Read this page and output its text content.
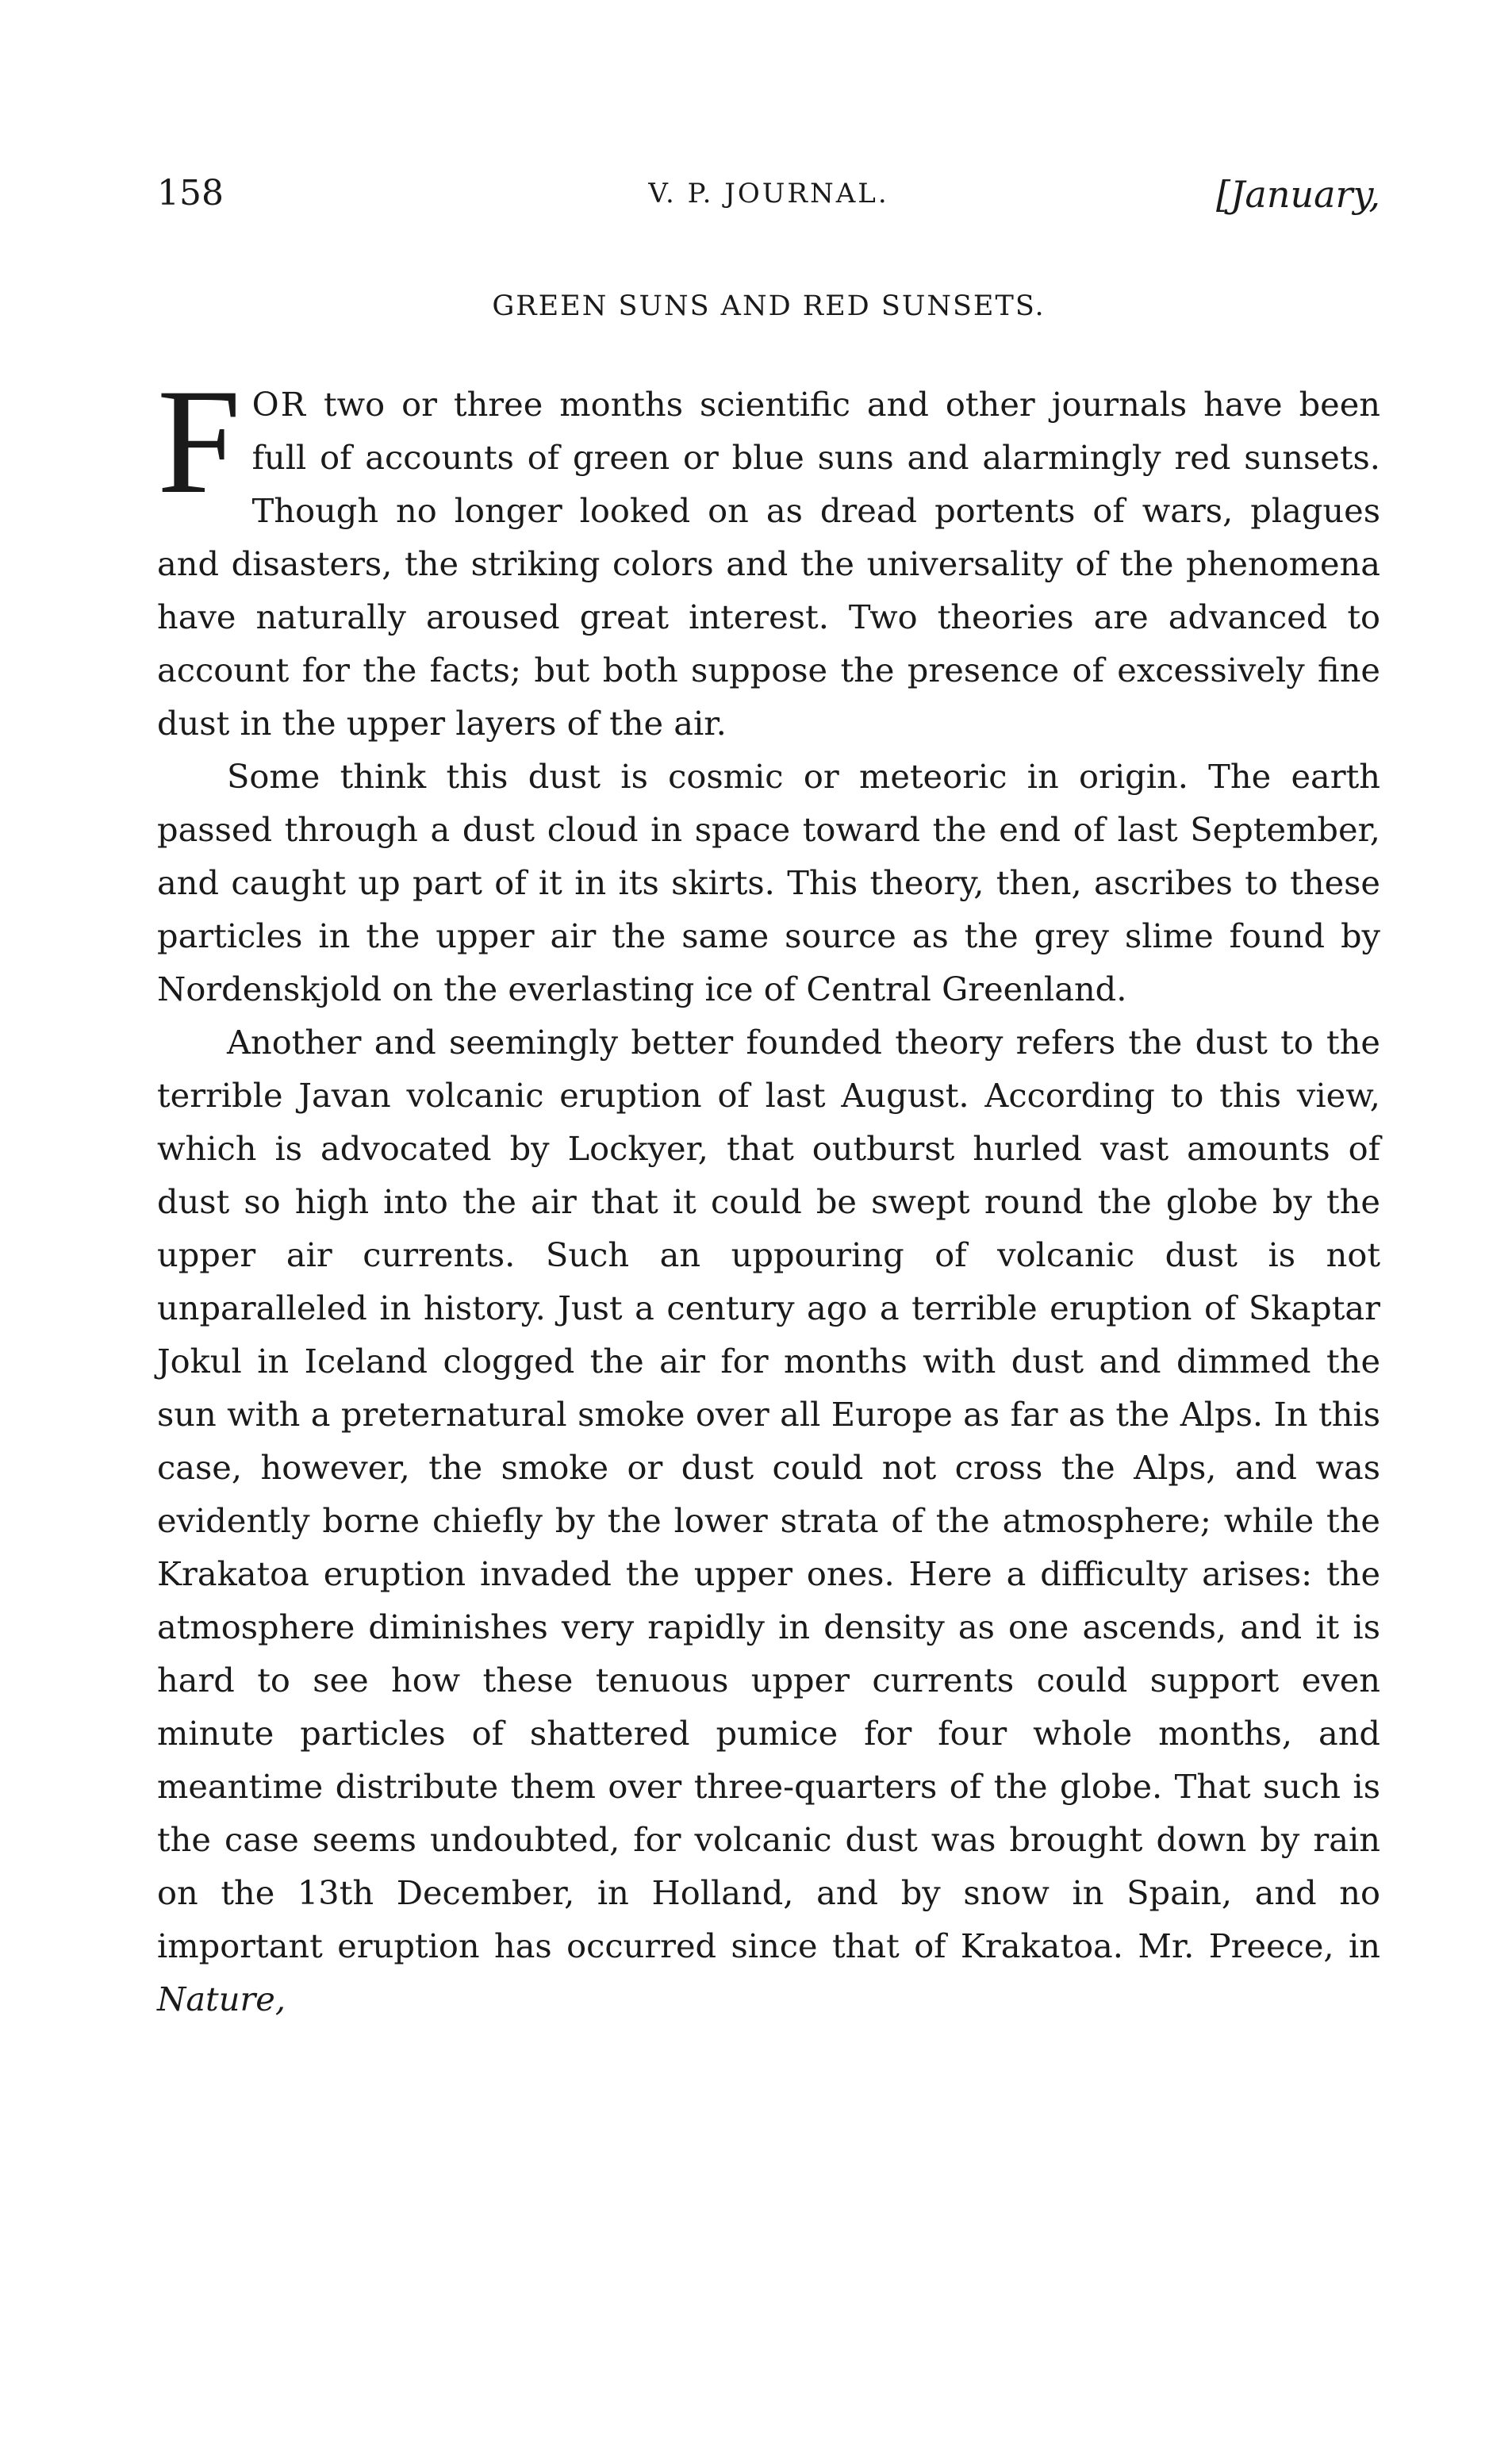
158	V. P. JOURNAL.	[January,
GREEN SUNS AND RED SUNSETS.

FOR two or three months scientific and other journals have been full of accounts of green or blue suns and alarmingly red sunsets. Though no longer looked on as dread portents of wars, plagues and disasters, the striking colors and the universality of the phenomena have naturally aroused great interest. Two theories are advanced to account for the facts; but both suppose the presence of excessively fine dust in the upper layers of the air.

Some think this dust is cosmic or meteoric in origin. The earth passed through a dust cloud in space toward the end of last September, and caught up part of it in its skirts. This theory, then, ascribes to these particles in the upper air the same source as the grey slime found by Nordenskjold on the everlasting ice of Central Greenland.

Another and seemingly better founded theory refers the dust to the terrible Javan volcanic eruption of last August. According to this view, which is advocated by Lockyer, that outburst hurled vast amounts of dust so high into the air that it could be swept round the globe by the upper air currents. Such an uppouring of volcanic dust is not unparalleled in history. Just a century ago a terrible eruption of Skaptar Jokul in Iceland clogged the air for months with dust and dimmed the sun with a preternatural smoke over all Europe as far as the Alps. In this case, however, the smoke or dust could not cross the Alps, and was evidently borne chiefly by the lower strata of the atmosphere; while the Krakatoa eruption invaded the upper ones. Here a difficulty arises: the atmosphere diminishes very rapidly in density as one ascends, and it is hard to see how these tenuous upper currents could support even minute particles of shattered pumice for four whole months, and meantime distribute them over three-quarters of the globe. That such is the case seems undoubted, for volcanic dust was brought down by rain on the 13th December, in Holland, and by snow in Spain, and no important eruption has occurred since that of Krakatoa. Mr. Preece, in Nature,
